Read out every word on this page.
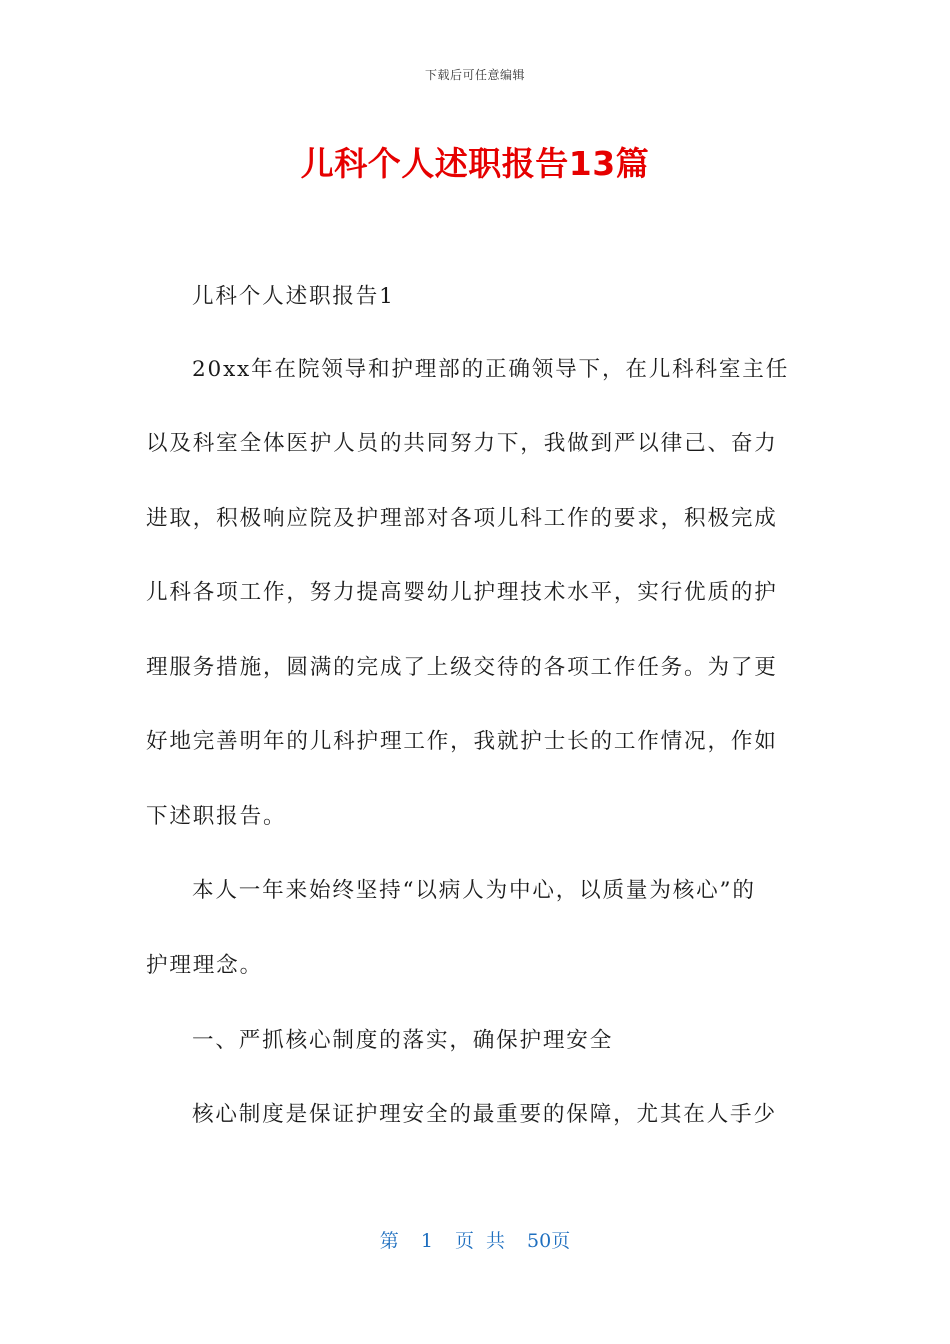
下载后可任意编辑
儿科个人述职报告13篇
儿科个人述职报告1
20xx年在院领导和护理部的正确领导下，在儿科科室主任
以及科室全体医护人员的共同努力下，我做到严以律己、奋力
进取，积极响应院及护理部对各项儿科工作的要求，积极完成
儿科各项工作，努力提高婴幼儿护理技术水平，实行优质的护
理服务措施，圆满的完成了上级交待的各项工作任务。为了更
好地完善明年的儿科护理工作，我就护士长的工作情况，作如
下述职报告。
本人一年来始终坚持“以病人为中心，以质量为核心”的
护理理念。
一、严抓核心制度的落实，确保护理安全
核心制度是保证护理安全的最重要的保障，尤其在人手少
第 1 页 共 50页
